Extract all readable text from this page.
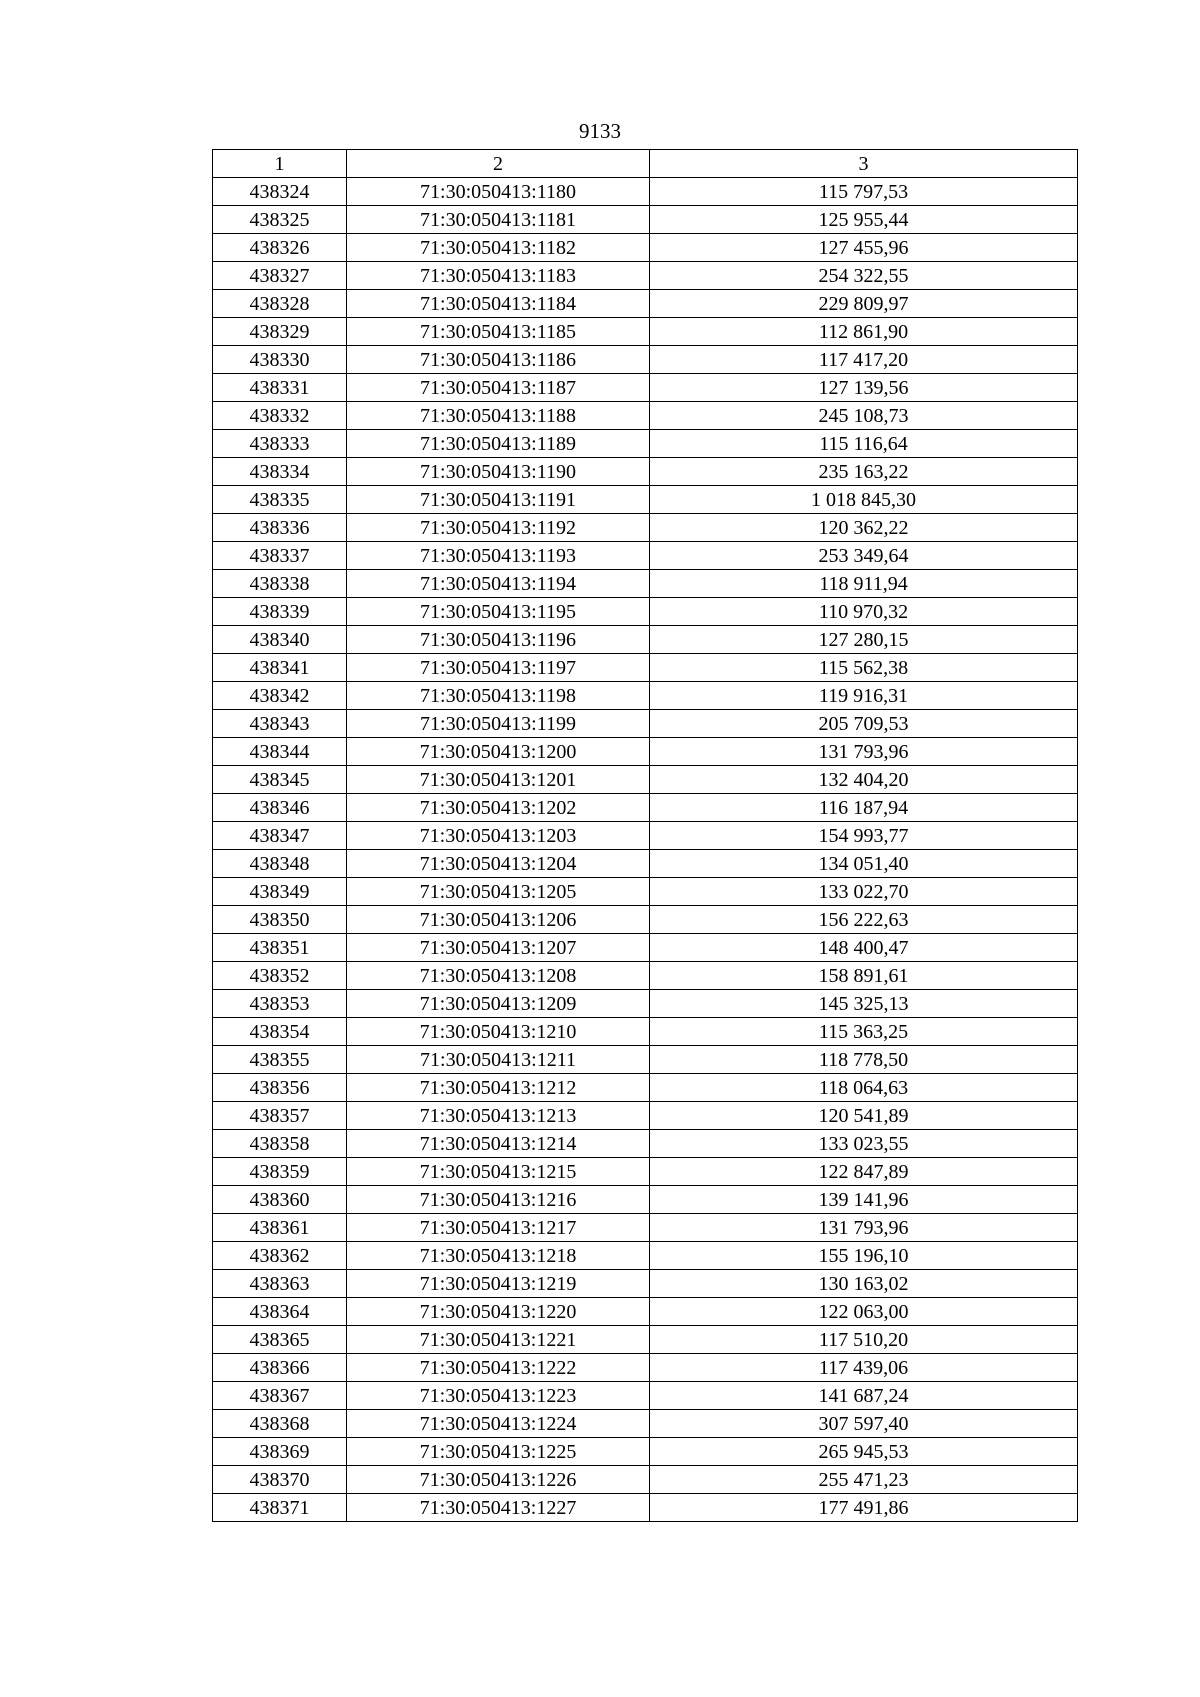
9133
1	2	3
438324	71:30:050413:1180	115 797,53
438325	71:30:050413:1181	125 955,44
438326	71:30:050413:1182	127 455,96
438327	71:30:050413:1183	254 322,55
438328	71:30:050413:1184	229 809,97
438329	71:30:050413:1185	112 861,90
438330	71:30:050413:1186	117 417,20
438331	71:30:050413:1187	127 139,56
438332	71:30:050413:1188	245 108,73
438333	71:30:050413:1189	115 116,64
438334	71:30:050413:1190	235 163,22
438335	71:30:050413:1191	1 018 845,30
438336	71:30:050413:1192	120 362,22
438337	71:30:050413:1193	253 349,64
438338	71:30:050413:1194	118 911,94
438339	71:30:050413:1195	110 970,32
438340	71:30:050413:1196	127 280,15
438341	71:30:050413:1197	115 562,38
438342	71:30:050413:1198	119 916,31
438343	71:30:050413:1199	205 709,53
438344	71:30:050413:1200	131 793,96
438345	71:30:050413:1201	132 404,20
438346	71:30:050413:1202	116 187,94
438347	71:30:050413:1203	154 993,77
438348	71:30:050413:1204	134 051,40
438349	71:30:050413:1205	133 022,70
438350	71:30:050413:1206	156 222,63
438351	71:30:050413:1207	148 400,47
438352	71:30:050413:1208	158 891,61
438353	71:30:050413:1209	145 325,13
438354	71:30:050413:1210	115 363,25
438355	71:30:050413:1211	118 778,50
438356	71:30:050413:1212	118 064,63
438357	71:30:050413:1213	120 541,89
438358	71:30:050413:1214	133 023,55
438359	71:30:050413:1215	122 847,89
438360	71:30:050413:1216	139 141,96
438361	71:30:050413:1217	131 793,96
438362	71:30:050413:1218	155 196,10
438363	71:30:050413:1219	130 163,02
438364	71:30:050413:1220	122 063,00
438365	71:30:050413:1221	117 510,20
438366	71:30:050413:1222	117 439,06
438367	71:30:050413:1223	141 687,24
438368	71:30:050413:1224	307 597,40
438369	71:30:050413:1225	265 945,53
438370	71:30:050413:1226	255 471,23
438371	71:30:050413:1227	177 491,86
